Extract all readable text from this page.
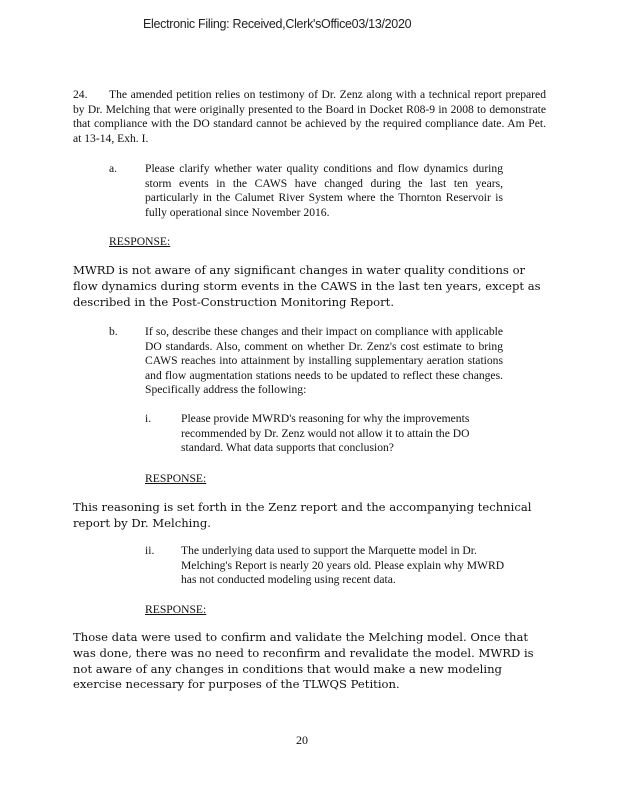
Electronic Filing: Received,Clerk'sOffice03/13/2020
24.	The amended petition relies on testimony of Dr. Zenz along with a technical report prepared by Dr. Melching that were originally presented to the Board in Docket R08-9 in 2008 to demonstrate that compliance with the DO standard cannot be achieved by the required compliance date. Am Pet. at 13-14, Exh. I.
a. Please clarify whether water quality conditions and flow dynamics during storm events in the CAWS have changed during the last ten years, particularly in the Calumet River System where the Thornton Reservoir is fully operational since November 2016.
RESPONSE:
MWRD is not aware of any significant changes in water quality conditions or flow dynamics during storm events in the CAWS in the last ten years, except as described in the Post-Construction Monitoring Report.
b. If so, describe these changes and their impact on compliance with applicable DO standards. Also, comment on whether Dr. Zenz's cost estimate to bring CAWS reaches into attainment by installing supplementary aeration stations and flow augmentation stations needs to be updated to reflect these changes. Specifically address the following:
i.	Please provide MWRD's reasoning for why the improvements recommended by Dr. Zenz would not allow it to attain the DO standard. What data supports that conclusion?
RESPONSE:
This reasoning is set forth in the Zenz report and the accompanying technical report by Dr. Melching.
ii. The underlying data used to support the Marquette model in Dr. Melching's Report is nearly 20 years old. Please explain why MWRD has not conducted modeling using recent data.
RESPONSE:
Those data were used to confirm and validate the Melching model. Once that was done, there was no need to reconfirm and revalidate the model. MWRD is not aware of any changes in conditions that would make a new modeling exercise necessary for purposes of the TLWQS Petition.
20
